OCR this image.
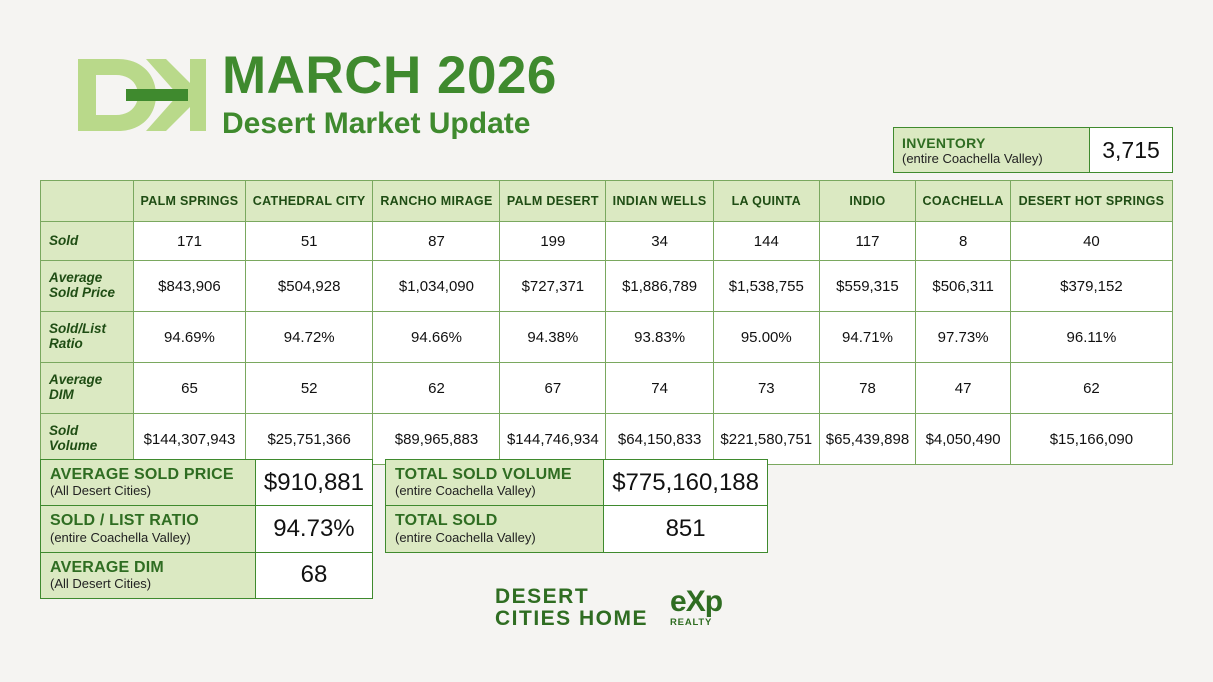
MARCH 2026
Desert Market Update
INVENTORY
(entire Coachella Valley)	3,715
	PALM SPRINGS	CATHEDRAL CITY	RANCHO MIRAGE	PALM DESERT	INDIAN WELLS	LA QUINTA	INDIO	COACHELLA	DESERT HOT SPRINGS
Sold	171	51	87	199	34	144	117	8	40
Average Sold Price	$843,906	$504,928	$1,034,090	$727,371	$1,886,789	$1,538,755	$559,315	$506,311	$379,152
Sold/List Ratio	94.69%	94.72%	94.66%	94.38%	93.83%	95.00%	94.71%	97.73%	96.11%
Average DIM	65	52	62	67	74	73	78	47	62
Sold Volume	$144,307,943	$25,751,366	$89,965,883	$144,746,934	$64,150,833	$221,580,751	$65,439,898	$4,050,490	$15,166,090
AVERAGE SOLD PRICE
(All Desert Cities)	$910,881

SOLD / LIST RATIO
(entire Coachella Valley)	94.73%

AVERAGE DIM
(All Desert Cities)	68
TOTAL SOLD VOLUME
(entire Coachella Valley)	$775,160,188

TOTAL SOLD
(entire Coachella Valley)	851
DESERT
CITIES HOME
eXp
REALTY
